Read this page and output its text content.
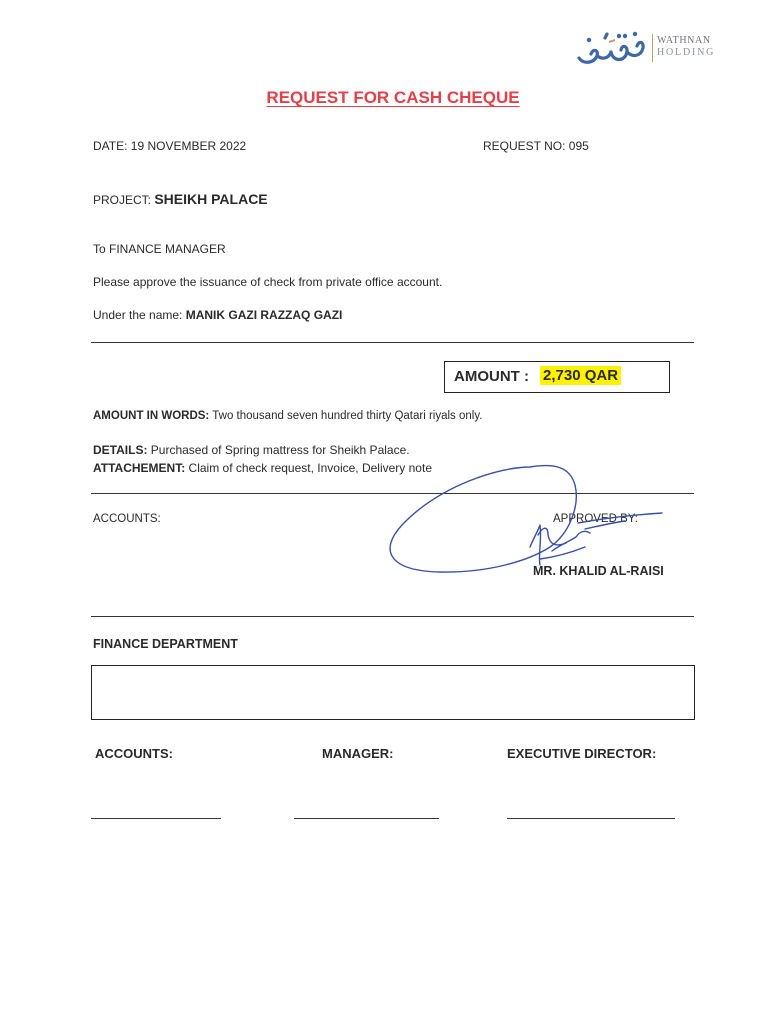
WATHNAN
HOLDING
REQUEST FOR CASH CHEQUE
DATE: 19 NOVEMBER 2022	REQUEST NO: 095
PROJECT: SHEIKH PALACE
To FINANCE MANAGER
Please approve the issuance of check from private office account.
Under the name: MANIK GAZI RAZZAQ GAZI
AMOUNT : 2,730 QAR
AMOUNT IN WORDS: Two thousand seven hundred thirty Qatari riyals only.
DETAILS: Purchased of Spring mattress for Sheikh Palace.
ATTACHEMENT: Claim of check request, Invoice, Delivery note
ACCOUNTS:	APPROVED BY:
MR. KHALID AL-RAISI
FINANCE DEPARTMENT
ACCOUNTS:	MANAGER:	EXECUTIVE DIRECTOR:
